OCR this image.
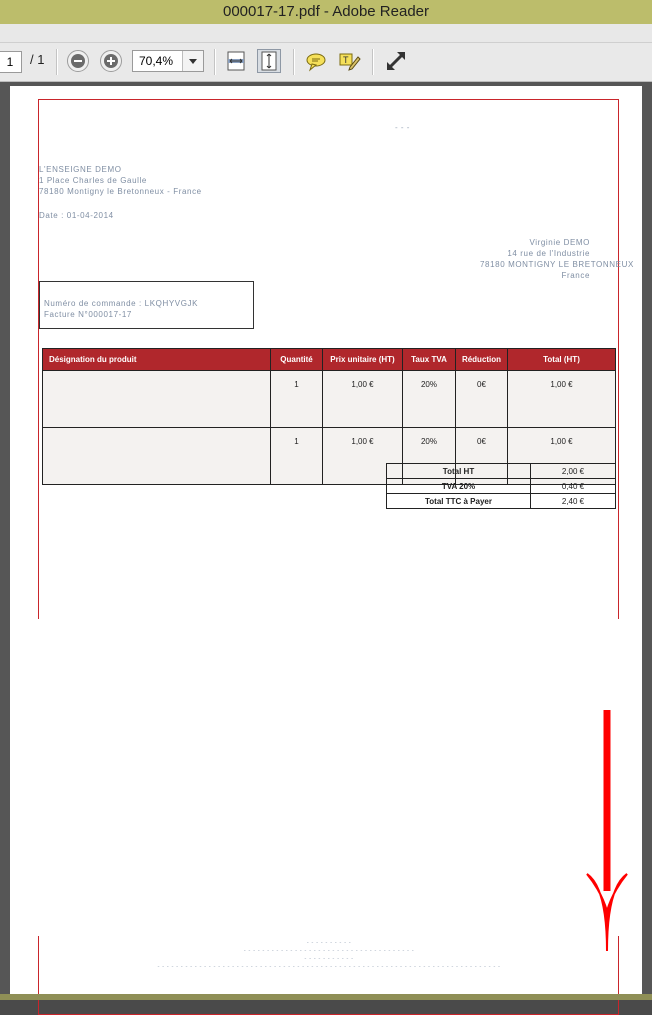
000017-17.pdf - Adobe Reader
1	/ 1	70,4%	T
- - -
L'ENSEIGNE DEMO
1 Place Charles de Gaulle
78180 Montigny le Bretonneux - France
Date : 01-04-2014
Virginie DEMO
14 rue de l'Industrie
78180 MONTIGNY LE BRETONNEUX
France
Numéro de commande : LKQHYVGJK
Facture N°000017-17
Désignation du produit	Quantité	Prix unitaire (HT)	Taux TVA	Réduction	Total (HT)
	1	1,00 €	20%	0€	1,00 €
	1	1,00 €	20%	0€	1,00 €
Total HT	2,00 €
TVA 20%	0,40 €
Total TTC à Payer	2,40 €
- - - - - - - - - -
- - - - - - - - - - - - - - - - - - - - - - - - - - - - - - - - - - - - -
- - - - - - - - - - -
- - - - - - - - - - - - - - - - - - - - - - - - - - - - - - - - - - - - - - - - - - - - - - - - - - - - - - - - - - - - - - - - - - - - - - - - - -
